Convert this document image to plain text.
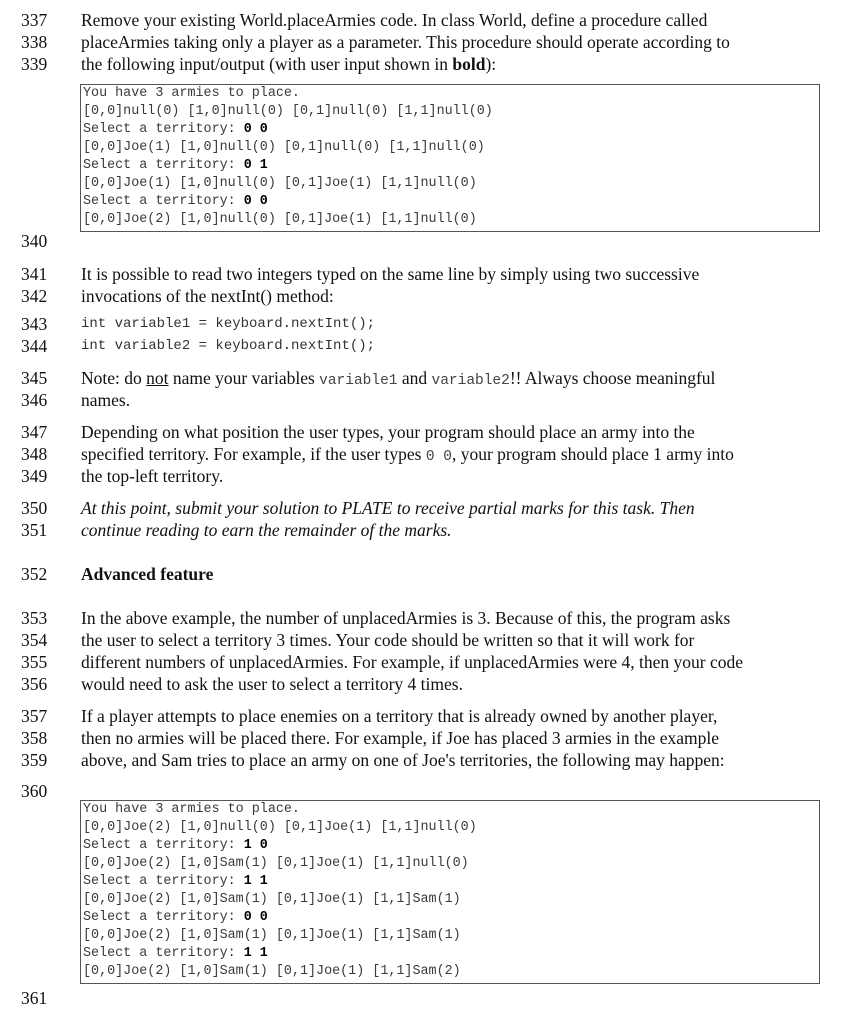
337
338
339
340
341
342
343
344
345
346
347
348
349
350
351
352
353
354
355
356
357
358
359
360
361
Remove your existing World.placeArmies code. In class World, define a procedure called
placeArmies taking only a player as a parameter. This procedure should operate according to
the following input/output (with user input shown in bold):
You have 3 armies to place.
[0,0]null(0) [1,0]null(0) [0,1]null(0) [1,1]null(0)
Select a territory: 0 0
[0,0]Joe(1) [1,0]null(0) [0,1]null(0) [1,1]null(0)
Select a territory: 0 1
[0,0]Joe(1) [1,0]null(0) [0,1]Joe(1) [1,1]null(0)
Select a territory: 0 0
[0,0]Joe(2) [1,0]null(0) [0,1]Joe(1) [1,1]null(0)
It is possible to read two integers typed on the same line by simply using two successive
invocations of the nextInt() method:
int variable1 = keyboard.nextInt();
int variable2 = keyboard.nextInt();
Note: do not name your variables variable1 and variable2!! Always choose meaningful
names.
Depending on what position the user types, your program should place an army into the
specified territory. For example, if the user types 0 0, your program should place 1 army into
the top-left territory.
At this point, submit your solution to PLATE to receive partial marks for this task. Then
continue reading to earn the remainder of the marks.
Advanced feature
In the above example, the number of unplacedArmies is 3. Because of this, the program asks
the user to select a territory 3 times. Your code should be written so that it will work for
different numbers of unplacedArmies. For example, if unplacedArmies were 4, then your code
would need to ask the user to select a territory 4 times.
If a player attempts to place enemies on a territory that is already owned by another player,
then no armies will be placed there. For example, if Joe has placed 3 armies in the example
above, and Sam tries to place an army on one of Joe's territories, the following may happen:
You have 3 armies to place.
[0,0]Joe(2) [1,0]null(0) [0,1]Joe(1) [1,1]null(0)
Select a territory: 1 0
[0,0]Joe(2) [1,0]Sam(1) [0,1]Joe(1) [1,1]null(0)
Select a territory: 1 1
[0,0]Joe(2) [1,0]Sam(1) [0,1]Joe(1) [1,1]Sam(1)
Select a territory: 0 0
[0,0]Joe(2) [1,0]Sam(1) [0,1]Joe(1) [1,1]Sam(1)
Select a territory: 1 1
[0,0]Joe(2) [1,0]Sam(1) [0,1]Joe(1) [1,1]Sam(2)
